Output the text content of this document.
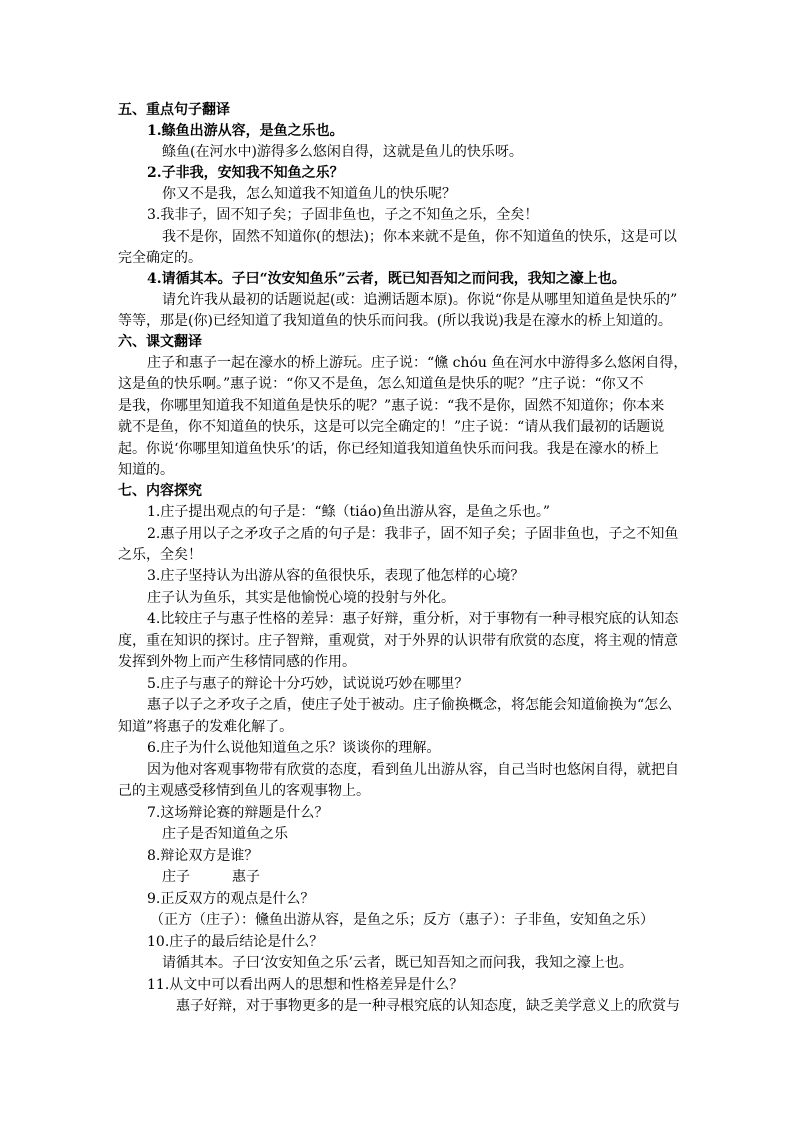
五、重点句子翻译
1.鲦鱼出游从容，是鱼之乐也。
鲦鱼(在河水中)游得多么悠闲自得，这就是鱼儿的快乐呀。
2.子非我，安知我不知鱼之乐？
你又不是我，怎么知道我不知道鱼儿的快乐呢？
3.我非子，固不知子矣；子固非鱼也，子之不知鱼之乐，全矣！
我不是你，固然不知道你(的想法)；你本来就不是鱼，你不知道鱼的快乐，这是可以
完全确定的。
4.请循其本。子曰“汝安知鱼乐”云者，既已知吾知之而问我，我知之濠上也。
请允许我从最初的话题说起(或：追溯话题本原)。你说“你是从哪里知道鱼是快乐的”
等等，那是(你)已经知道了我知道鱼的快乐而问我。(所以我说)我是在濠水的桥上知道的。
六、课文翻译
庄子和惠子一起在濠水的桥上游玩。庄子说：“儵 chóu 鱼在河水中游得多么悠闲自得，
这是鱼的快乐啊。”惠子说：“你又不是鱼，怎么知道鱼是快乐的呢？”庄子说：“你又不
是我，你哪里知道我不知道鱼是快乐的呢？”惠子说：“我不是你，固然不知道你；你本来
就不是鱼，你不知道鱼的快乐，这是可以完全确定的！”庄子说：“请从我们最初的话题说
起。你说‘你哪里知道鱼快乐’的话，你已经知道我知道鱼快乐而问我。我是在濠水的桥上
知道的。
七、内容探究
1.庄子提出观点的句子是：“鲦（tiáo)鱼出游从容，是鱼之乐也。”
2.惠子用以子之矛攻子之盾的句子是：我非子，固不知子矣；子固非鱼也，子之不知鱼
之乐，全矣！
3.庄子坚持认为出游从容的鱼很快乐，表现了他怎样的心境？
庄子认为鱼乐，其实是他愉悦心境的投射与外化。
4.比较庄子与惠子性格的差异：惠子好辩，重分析，对于事物有一种寻根究底的认知态
度，重在知识的探讨。庄子智辩，重观赏，对于外界的认识带有欣赏的态度，将主观的情意
发挥到外物上而产生移情同感的作用。
5.庄子与惠子的辩论十分巧妙，试说说巧妙在哪里？
惠子以子之矛攻子之盾，使庄子处于被动。庄子偷换概念，将怎能会知道偷换为“怎么
知道”将惠子的发难化解了。
6.庄子为什么说他知道鱼之乐？谈谈你的理解。
因为他对客观事物带有欣赏的态度，看到鱼儿出游从容，自己当时也悠闲自得，就把自
己的主观感受移情到鱼儿的客观事物上。
7.这场辩论赛的辩题是什么？
庄子是否知道鱼之乐
8.辩论双方是谁？
庄子	惠子
9.正反双方的观点是什么？
（正方（庄子）：儵鱼出游从容，是鱼之乐；反方（惠子）：子非鱼，安知鱼之乐）
10.庄子的最后结论是什么？
请循其本。子曰‘汝安知鱼之乐’云者，既已知吾知之而问我，我知之濠上也。
11.从文中可以看出两人的思想和性格差异是什么？
惠子好辩，对于事物更多的是一种寻根究底的认知态度，缺乏美学意义上的欣赏与
